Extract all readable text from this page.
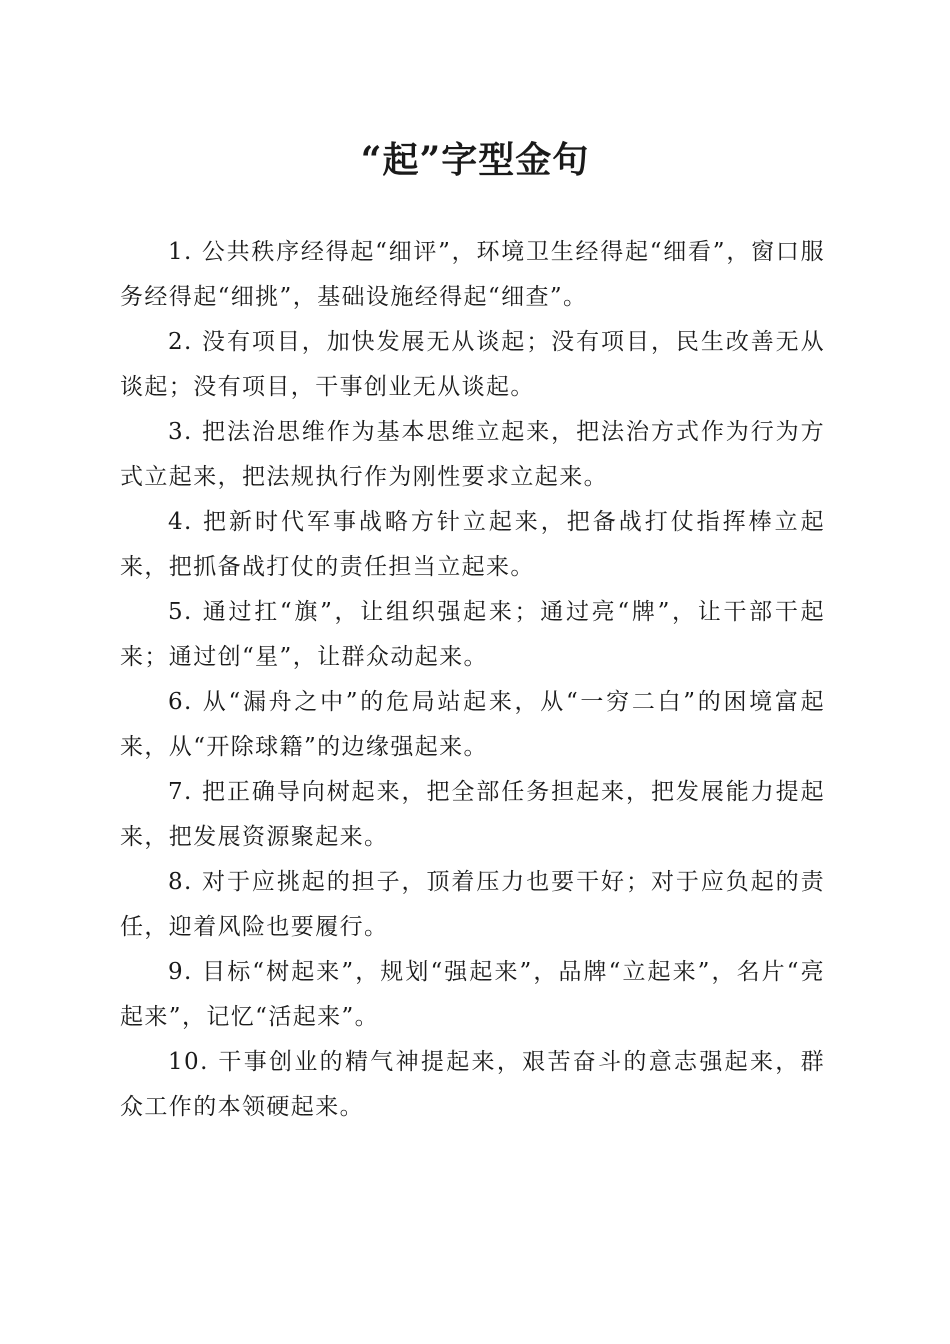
“起”字型金句

1. 公共秩序经得起“细评”，环境卫生经得起“细看”，窗口服务经得起“细挑”，基础设施经得起“细查”。

2. 没有项目，加快发展无从谈起；没有项目，民生改善无从谈起；没有项目，干事创业无从谈起。

3. 把法治思维作为基本思维立起来，把法治方式作为行为方式立起来，把法规执行作为刚性要求立起来。

4. 把新时代军事战略方针立起来，把备战打仗指挥棒立起来，把抓备战打仗的责任担当立起来。

5. 通过扛“旗”，让组织强起来；通过亮“牌”，让干部干起来；通过创“星”，让群众动起来。

6. 从“漏舟之中”的危局站起来，从“一穷二白”的困境富起来，从“开除球籍”的边缘强起来。

7. 把正确导向树起来，把全部任务担起来，把发展能力提起来，把发展资源聚起来。

8. 对于应挑起的担子，顶着压力也要干好；对于应负起的责任，迎着风险也要履行。

9. 目标“树起来”，规划“强起来”，品牌“立起来”，名片“亮起来”，记忆“活起来”。

10. 干事创业的精气神提起来，艰苦奋斗的意志强起来，群众工作的本领硬起来。
